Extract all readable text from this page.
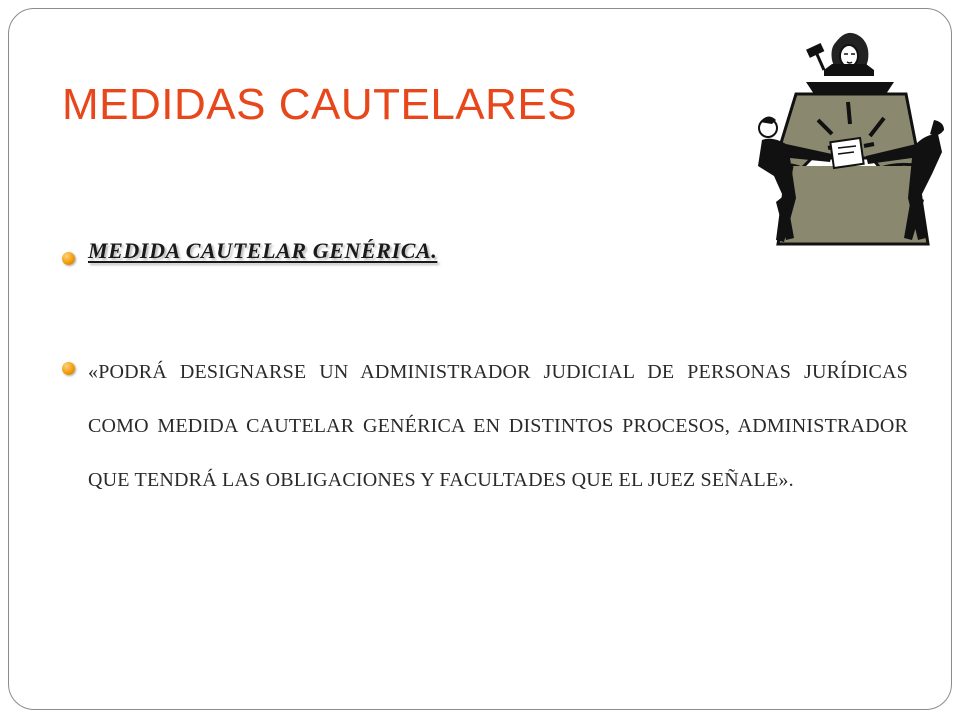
MEDIDAS CAUTELARES
MEDIDA CAUTELAR GENÉRICA.

«PODRÁ DESIGNARSE UN ADMINISTRADOR JUDICIAL DE PERSONAS JURÍDICAS COMO MEDIDA CAUTELAR GENÉRICA EN DISTINTOS PROCESOS, ADMINISTRADOR QUE TENDRÁ LAS OBLIGACIONES Y FACULTADES QUE EL JUEZ SEÑALE».
